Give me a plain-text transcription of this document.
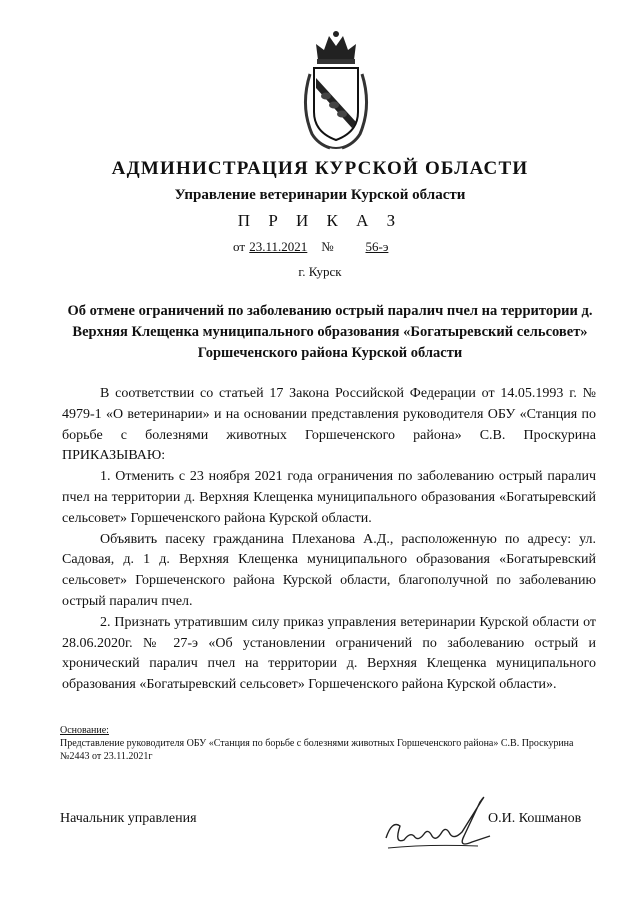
АДМИНИСТРАЦИЯ КУРСКОЙ ОБЛАСТИ
Управление ветеринарии Курской области
П Р И К А З
от 23.11.2021 № 56-э
г. Курск
Об отмене ограничений по заболеванию острый паралич пчел на территории д. Верхняя Клещенка муниципального образования «Богатыревский сельсовет» Горшеченского района Курской области

В соответствии со статьей 17 Закона Российской Федерации от 14.05.1993 г. № 4979-1 «О ветеринарии» и на основании представления руководителя ОБУ «Станция по борьбе с болезнями животных Горшеченского района» С.В. Проскурина ПРИКАЗЫВАЮ:

1. Отменить с 23 ноября 2021 года ограничения по заболеванию острый паралич пчел на территории д. Верхняя Клещенка муниципального образования «Богатыревский сельсовет» Горшеченского района Курской области.

Объявить пасеку гражданина Плеханова А.Д., расположенную по адресу: ул. Садовая, д. 1 д. Верхняя Клещенка муниципального образования «Богатыревский сельсовет» Горшеченского района Курской области, благополучной по заболеванию острый паралич пчел.

2. Признать утратившим силу приказ управления ветеринарии Курской области от 28.06.2020г. № 27-э «Об установлении ограничений по заболеванию острый и хронический паралич пчел на территории д. Верхняя Клещенка муниципального образования «Богатыревский сельсовет» Горшеченского района Курской области».

Основание:
Представление руководителя ОБУ «Станция по борьбе с болезнями животных Горшеченского района» С.В. Проскурина №2443 от 23.11.2021г
Начальник управления	О.И. Кошманов
